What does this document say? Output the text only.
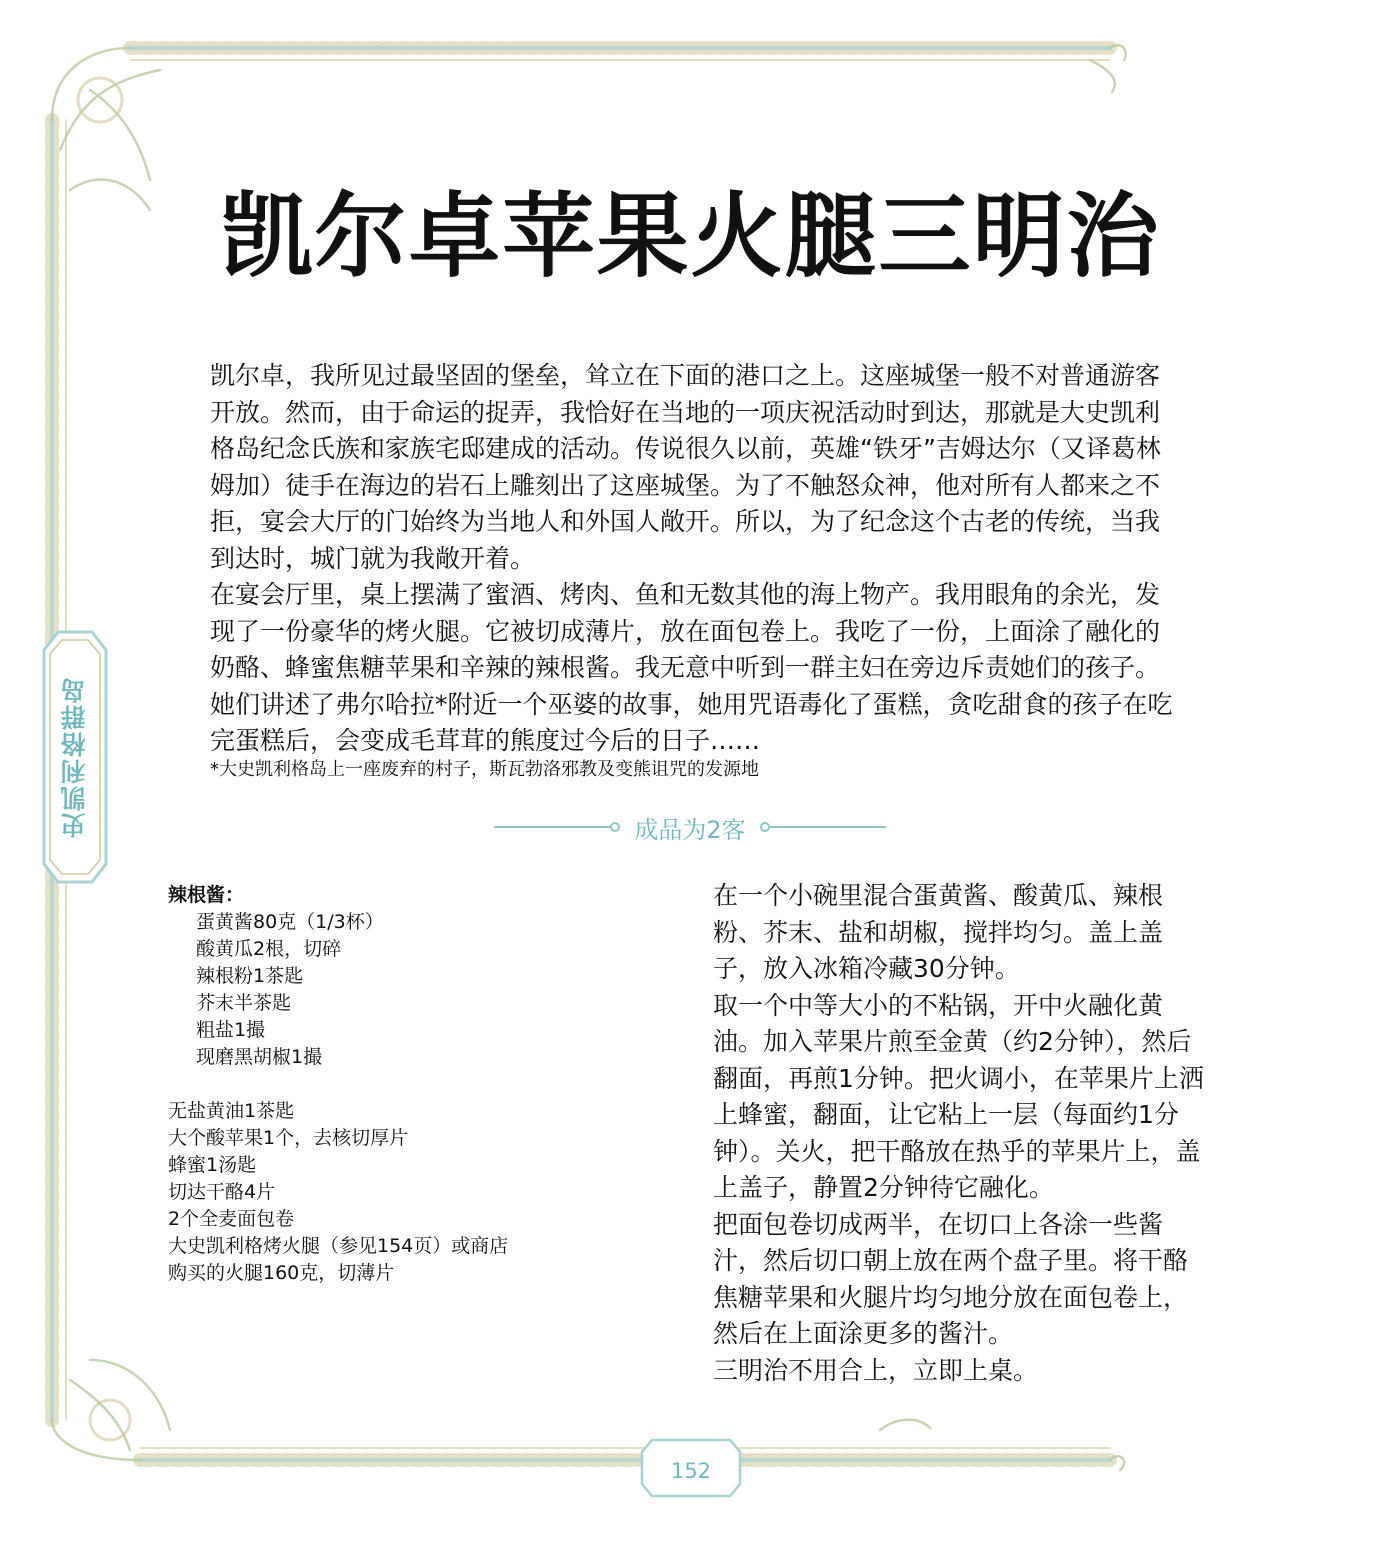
凯尔卓苹果火腿三明治

凯尔卓，我所见过最坚固的堡垒，耸立在下面的港口之上。这座城堡一般不对普通游客开放。然而，由于命运的捉弄，我恰好在当地的一项庆祝活动时到达，那就是大史凯利格岛纪念氏族和家族宅邸建成的活动。传说很久以前，英雄“铁牙”吉姆达尔（又译葛林姆加）徒手在海边的岩石上雕刻出了这座城堡。为了不触怒众神，他对所有人都来之不拒，宴会大厅的门始终为当地人和外国人敞开。所以，为了纪念这个古老的传统，当我到达时，城门就为我敞开着。

在宴会厅里，桌上摆满了蜜酒、烤肉、鱼和无数其他的海上物产。我用眼角的余光，发现了一份豪华的烤火腿。它被切成薄片，放在面包卷上。我吃了一份，上面涂了融化的奶酪、蜂蜜焦糖苹果和辛辣的辣根酱。我无意中听到一群主妇在旁边斥责她们的孩子。她们讲述了弗尔哈拉*附近一个巫婆的故事，她用咒语毒化了蛋糕，贪吃甜食的孩子在吃完蛋糕后，会变成毛茸茸的熊度过今后的日子……

*大史凯利格岛上一座废弃的村子，斯瓦勃洛邪教及变熊诅咒的发源地

成品为2客
辣根酱：
蛋黄酱80克（1/3杯）
酸黄瓜2根，切碎
辣根粉1茶匙
芥末半茶匙
粗盐1撮
现磨黑胡椒1撮
无盐黄油1茶匙
大个酸苹果1个，去核切厚片
蜂蜜1汤匙
切达干酪4片
2个全麦面包卷
大史凯利格烤火腿（参见154页）或商店
购买的火腿160克，切薄片

在一个小碗里混合蛋黄酱、酸黄瓜、辣根粉、芥末、盐和胡椒，搅拌均匀。盖上盖子，放入冰箱冷藏30分钟。

取一个中等大小的不粘锅，开中火融化黄油。加入苹果片煎至金黄（约2分钟），然后翻面，再煎1分钟。把火调小，在苹果片上洒上蜂蜜，翻面，让它粘上一层（每面约1分钟）。关火，把干酪放在热乎的苹果片上，盖上盖子，静置2分钟待它融化。

把面包卷切成两半，在切口上各涂一些酱汁，然后切口朝上放在两个盘子里。将干酪焦糖苹果和火腿片均匀地分放在面包卷上，然后在上面涂更多的酱汁。

三明治不用合上，立即上桌。

史凯利格群岛
152
